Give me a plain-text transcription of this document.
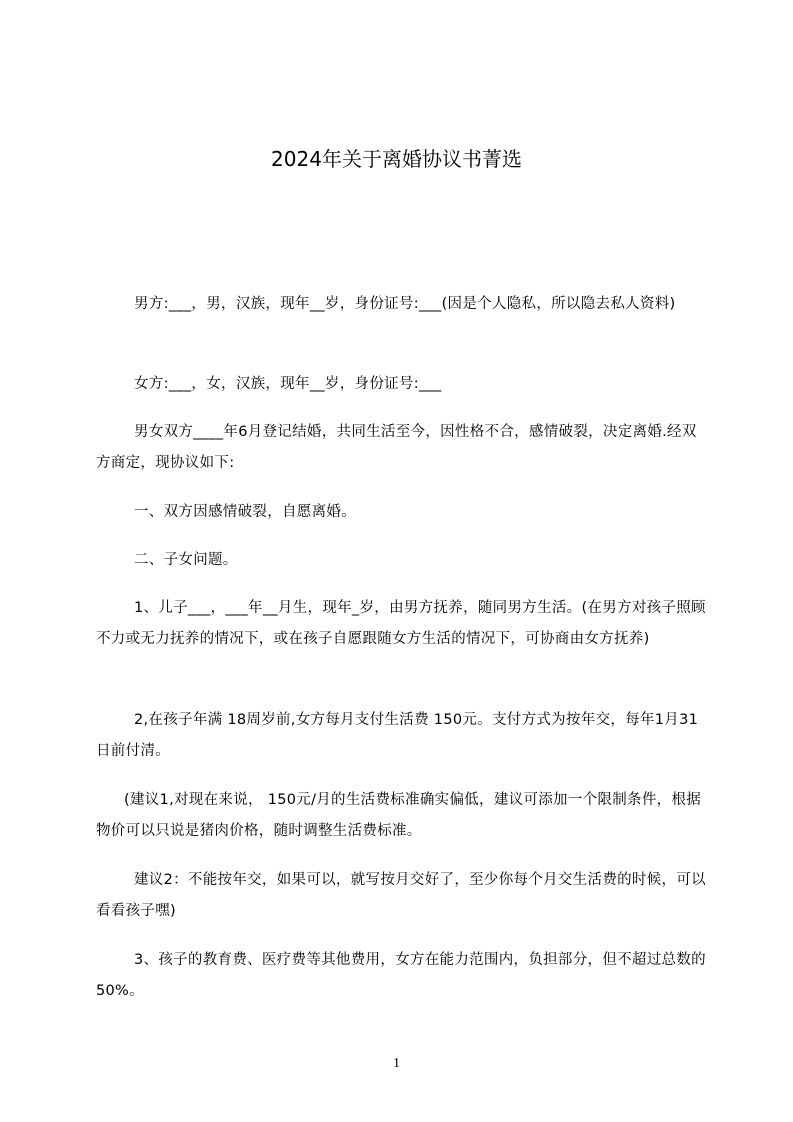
2024年关于离婚协议书菁选
男方:___，男，汉族，现年__岁，身份证号:___(因是个人隐私，所以隐去私人资料)
女方:___，女，汉族，现年__岁，身份证号:___
男女双方____年6月登记结婚，共同生活至今，因性格不合，感情破裂，决定离婚.经双方商定，现协议如下:
一、双方因感情破裂，自愿离婚。
二、子女问题。
1、儿子___，___年__月生，现年_岁，由男方抚养，随同男方生活。(在男方对孩子照顾不力或无力抚养的情况下，或在孩子自愿跟随女方生活的情况下，可协商由女方抚养)
2,在孩子年满 18周岁前,女方每月支付生活费 150元。支付方式为按年交，每年1月31日前付清。
(建议1,对现在来说， 150元/月的生活费标准确实偏低，建议可添加一个限制条件，根据物价可以只说是猪肉价格，随时调整生活费标准。
建议2：不能按年交，如果可以，就写按月交好了，至少你每个月交生活费的时候，可以看看孩子嘿)
3、孩子的教育费、医疗费等其他费用，女方在能力范围内，负担部分，但不超过总数的50%。
1
